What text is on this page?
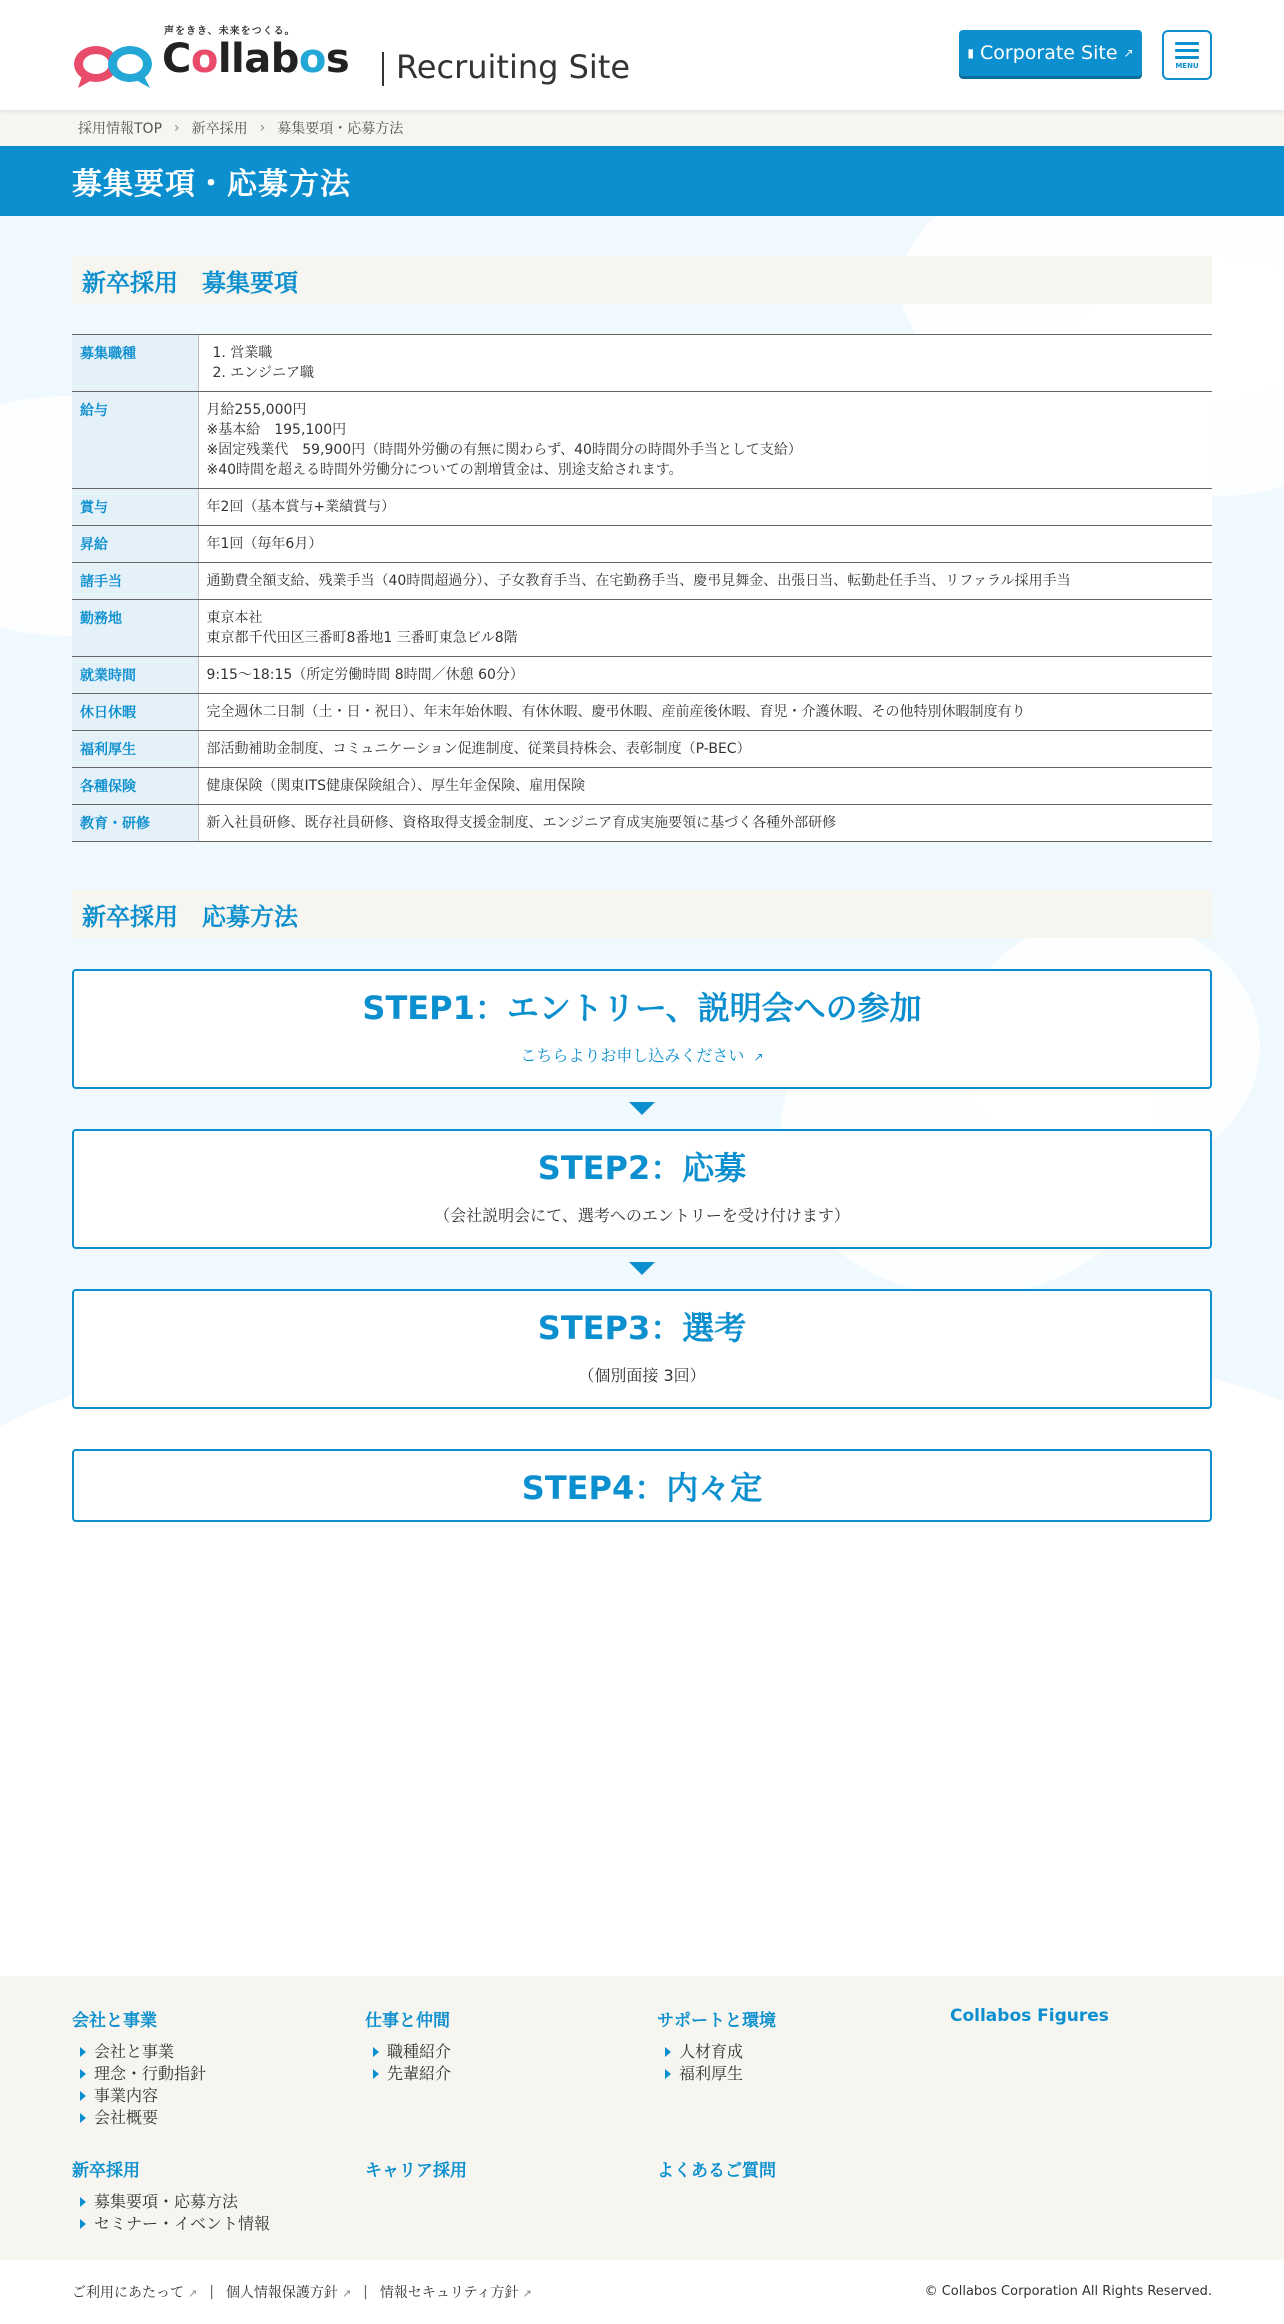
声をきき、未来をつくる。
Collabos Recruiting Site	▮ Corporate Site ↗
MENU
採用情報TOP › 新卒採用 › 募集要項・応募方法
募集要項・応募方法
新卒採用　募集要項
募集職種	1. 営業職
2. エンジニア職

給与	月給255,000円
※基本給　195,100円
※固定残業代　59,900円（時間外労働の有無に関わらず、40時間分の時間外手当として支給）
※40時間を超える時間外労働分についての割増賃金は、別途支給されます。

賞与	年2回（基本賞与+業績賞与）

昇給	年1回（毎年6月）

諸手当	通勤費全額支給、残業手当（40時間超過分）、子女教育手当、在宅勤務手当、慶弔見舞金、出張日当、転勤赴任手当、リファラル採用手当

勤務地	東京本社
東京都千代田区三番町8番地1 三番町東急ビル8階

就業時間	9:15～18:15（所定労働時間 8時間／休憩 60分）

休日休暇	完全週休二日制（土・日・祝日）、年末年始休暇、有休休暇、慶弔休暇、産前産後休暇、育児・介護休暇、その他特別休暇制度有り

福利厚生	部活動補助金制度、コミュニケーション促進制度、従業員持株会、表彰制度（P-BEC）

各種保険	健康保険（関東ITS健康保険組合）、厚生年金保険、雇用保険

教育・研修	新入社員研修、既存社員研修、資格取得支援金制度、エンジニア育成実施要領に基づく各種外部研修
新卒採用　応募方法
STEP1：エントリー、説明会への参加
こちらよりお申し込みください ↗
STEP2：応募
（会社説明会にて、選考へのエントリーを受け付けます）
STEP3：選考
（個別面接 3回）
STEP4：内々定
会社と事業
会社と事業
理念・行動指針
事業内容
会社概要
仕事と仲間
職種紹介
先輩紹介
サポートと環境
人材育成
福利厚生
Collabos Figures
新卒採用
募集要項・応募方法
セミナー・イベント情報
キャリア採用	よくあるご質問
ご利用にあたって ↗ | 個人情報保護方針 ↗ | 情報セキュリティ方針 ↗	© Collabos Corporation All Rights Reserved.
